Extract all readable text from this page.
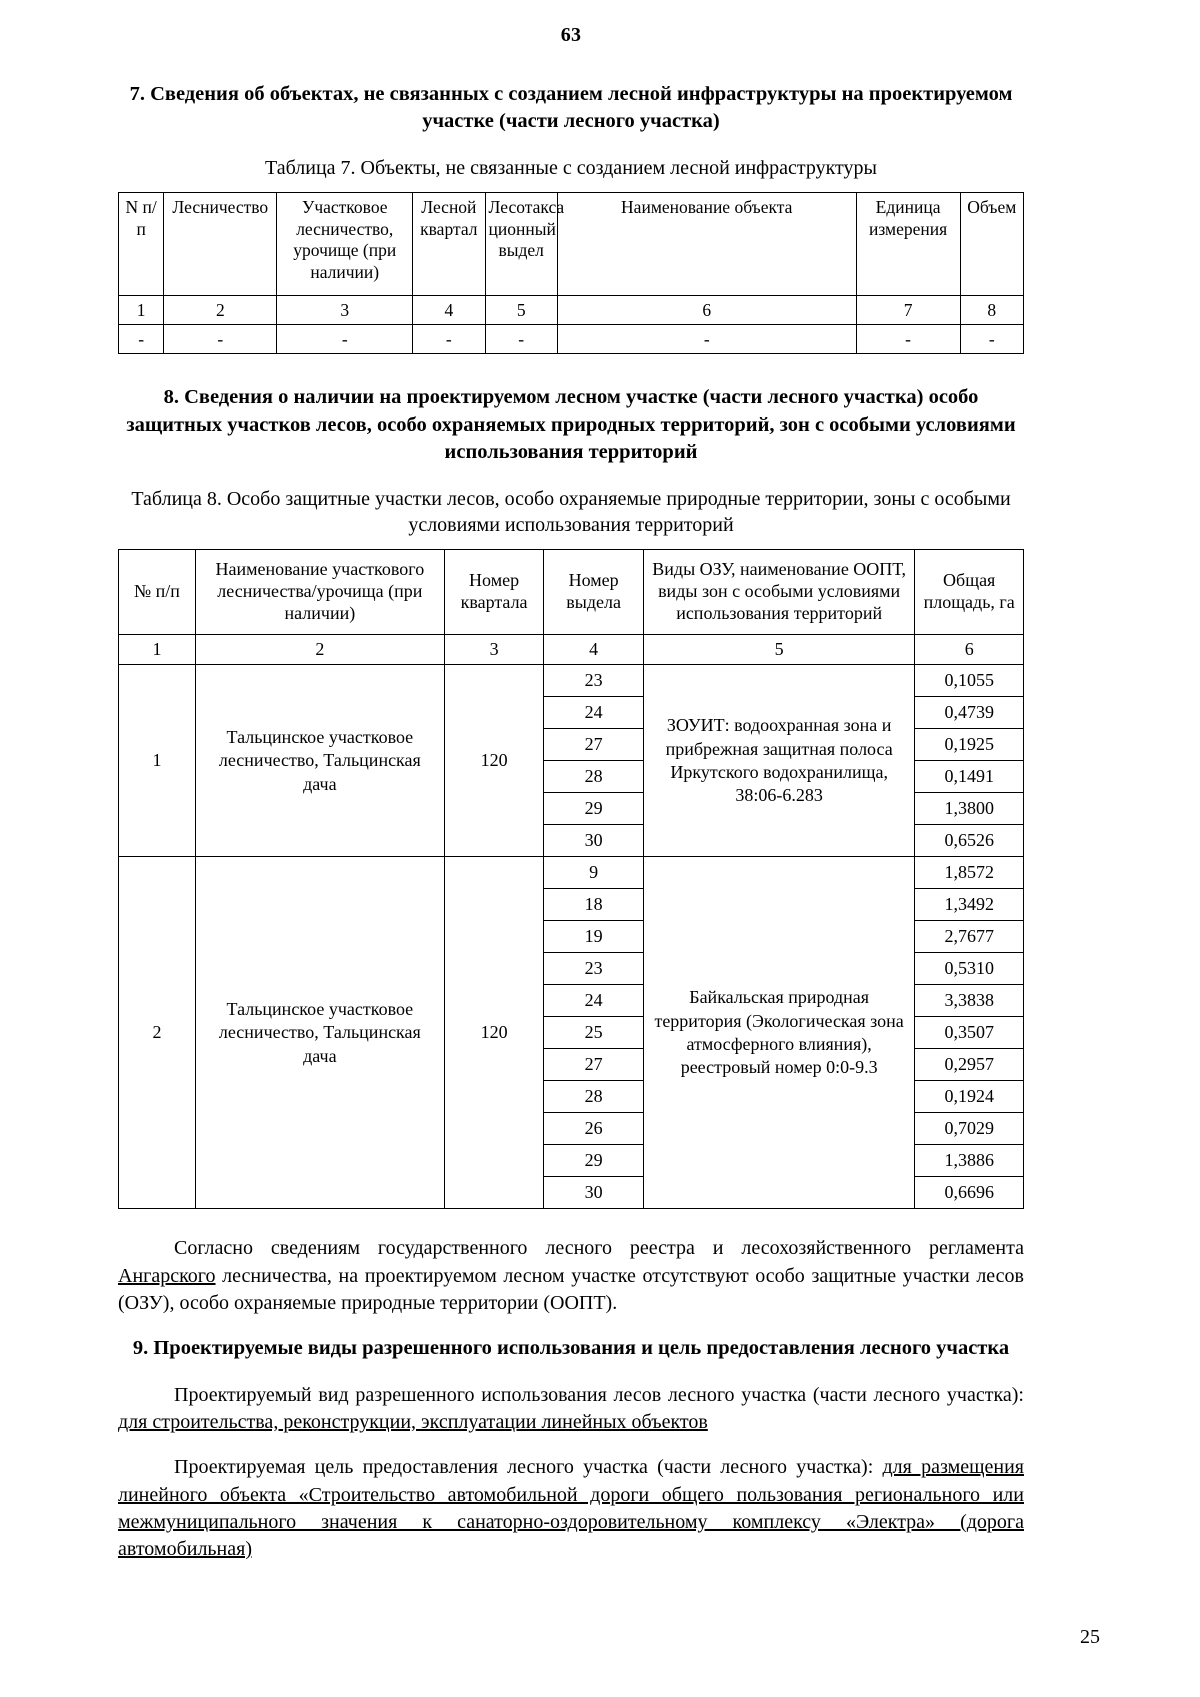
63
7. Сведения об объектах, не связанных с созданием лесной инфраструктуры на проектируемом участке (части лесного участка)
Таблица 7. Объекты, не связанные с созданием лесной инфраструктуры
N п/п	Лесничество	Участковое лесничество, урочище (при наличии)	Лесной квартал	Лесотакса ционный выдел	Наименование объекта	Единица измерения	Объем
1	2	3	4	5	6	7	8
-	-	-	-	-	-	-	-
8. Сведения о наличии на проектируемом лесном участке (части лесного участка) особо защитных участков лесов, особо охраняемых природных территорий, зон с особыми условиями использования территорий
Таблица 8. Особо защитные участки лесов, особо охраняемые природные территории, зоны с особыми условиями использования территорий
№ п/п	Наименование участкового лесничества/урочища (при наличии)	Номер квартала	Номер выдела	Виды ОЗУ, наименование ООПТ, виды зон с особыми условиями использования территорий	Общая площадь, га
1	2	3	4	5	6
1	Тальцинское участковое лесничество, Тальцинская дача	120	23	ЗОУИТ: водоохранная зона и прибрежная защитная полоса Иркутского водохранилища, 38:06-6.283	0,1055
			24		0,4739
			27		0,1925
			28		0,1491
			29		1,3800
			30		0,6526
2	Тальцинское участковое лесничество, Тальцинская дача	120	9	Байкальская природная территория (Экологическая зона атмосферного влияния), реестровый номер 0:0-9.3	1,8572
			18		1,3492
			19		2,7677
			23		0,5310
			24		3,3838
			25		0,3507
			27		0,2957
			28		0,1924
			26		0,7029
			29		1,3886
			30		0,6696

Согласно сведениям государственного лесного реестра и лесохозяйственного регламента Ангарского лесничества, на проектируемом лесном участке отсутствуют особо защитные участки лесов (ОЗУ), особо охраняемые природные территории (ООПТ).

9. Проектируемые виды разрешенного использования и цель предоставления лесного участка

Проектируемый вид разрешенного использования лесов лесного участка (части лесного участка): для строительства, реконструкции, эксплуатации линейных объектов

Проектируемая цель предоставления лесного участка (части лесного участка): для размещения линейного объекта «Строительство автомобильной дороги общего пользования регионального или межмуниципального значения к санаторно-оздоровительному комплексу «Электра» (дорога автомобильная)

25
